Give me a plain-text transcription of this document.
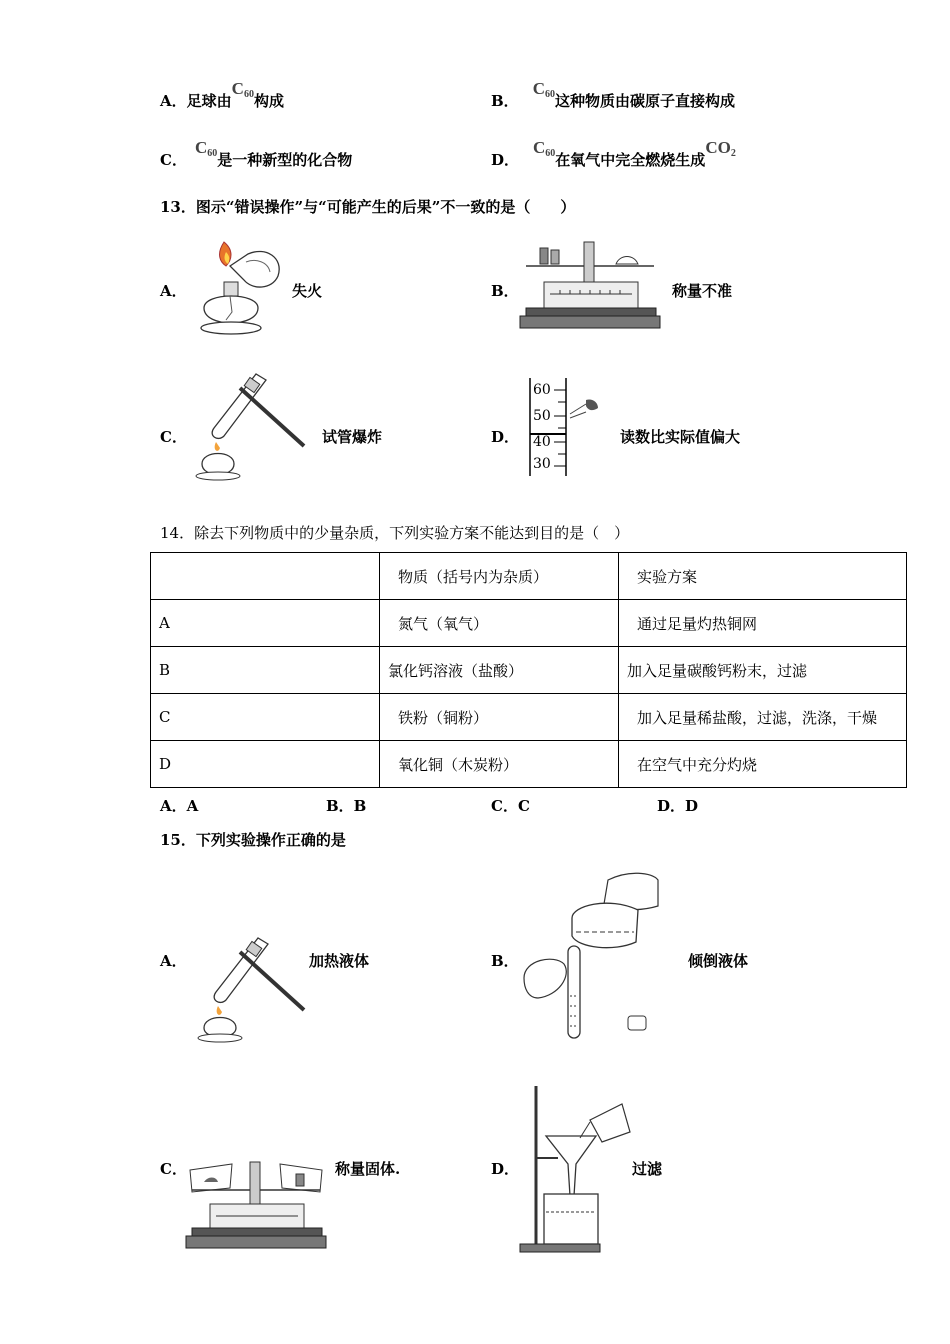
A．足球由$C_{60}$构成	B．$C_{60}$这种物质由碳原子直接构成
C．$C_{60}$是一种新型的化合物	D．$C_{60}$在氧气中完全燃烧生成$CO_2$
13．图示“错误操作”与“可能产生的后果”不一致的是（　　）
A．	失火	B．	称量不准
C．	试管爆炸	D．	读数比实际值偏大
60
50
40
30
14．除去下列物质中的少量杂质，下列实验方案不能达到目的是（　）
	物质（括号内为杂质）	实验方案
A	氮气（氧气）	通过足量灼热铜网
B	氯化钙溶液（盐酸）	加入足量碳酸钙粉末，过滤
C	铁粉（铜粉）	加入足量稀盐酸，过滤，洗涤，干燥
D	氧化铜（木炭粉）	在空气中充分灼烧
A．A	B．B	C．C	D．D
15．下列实验操作正确的是
A．	加热液体	B．	倾倒液体
C．	称量固体.	D．	过滤
